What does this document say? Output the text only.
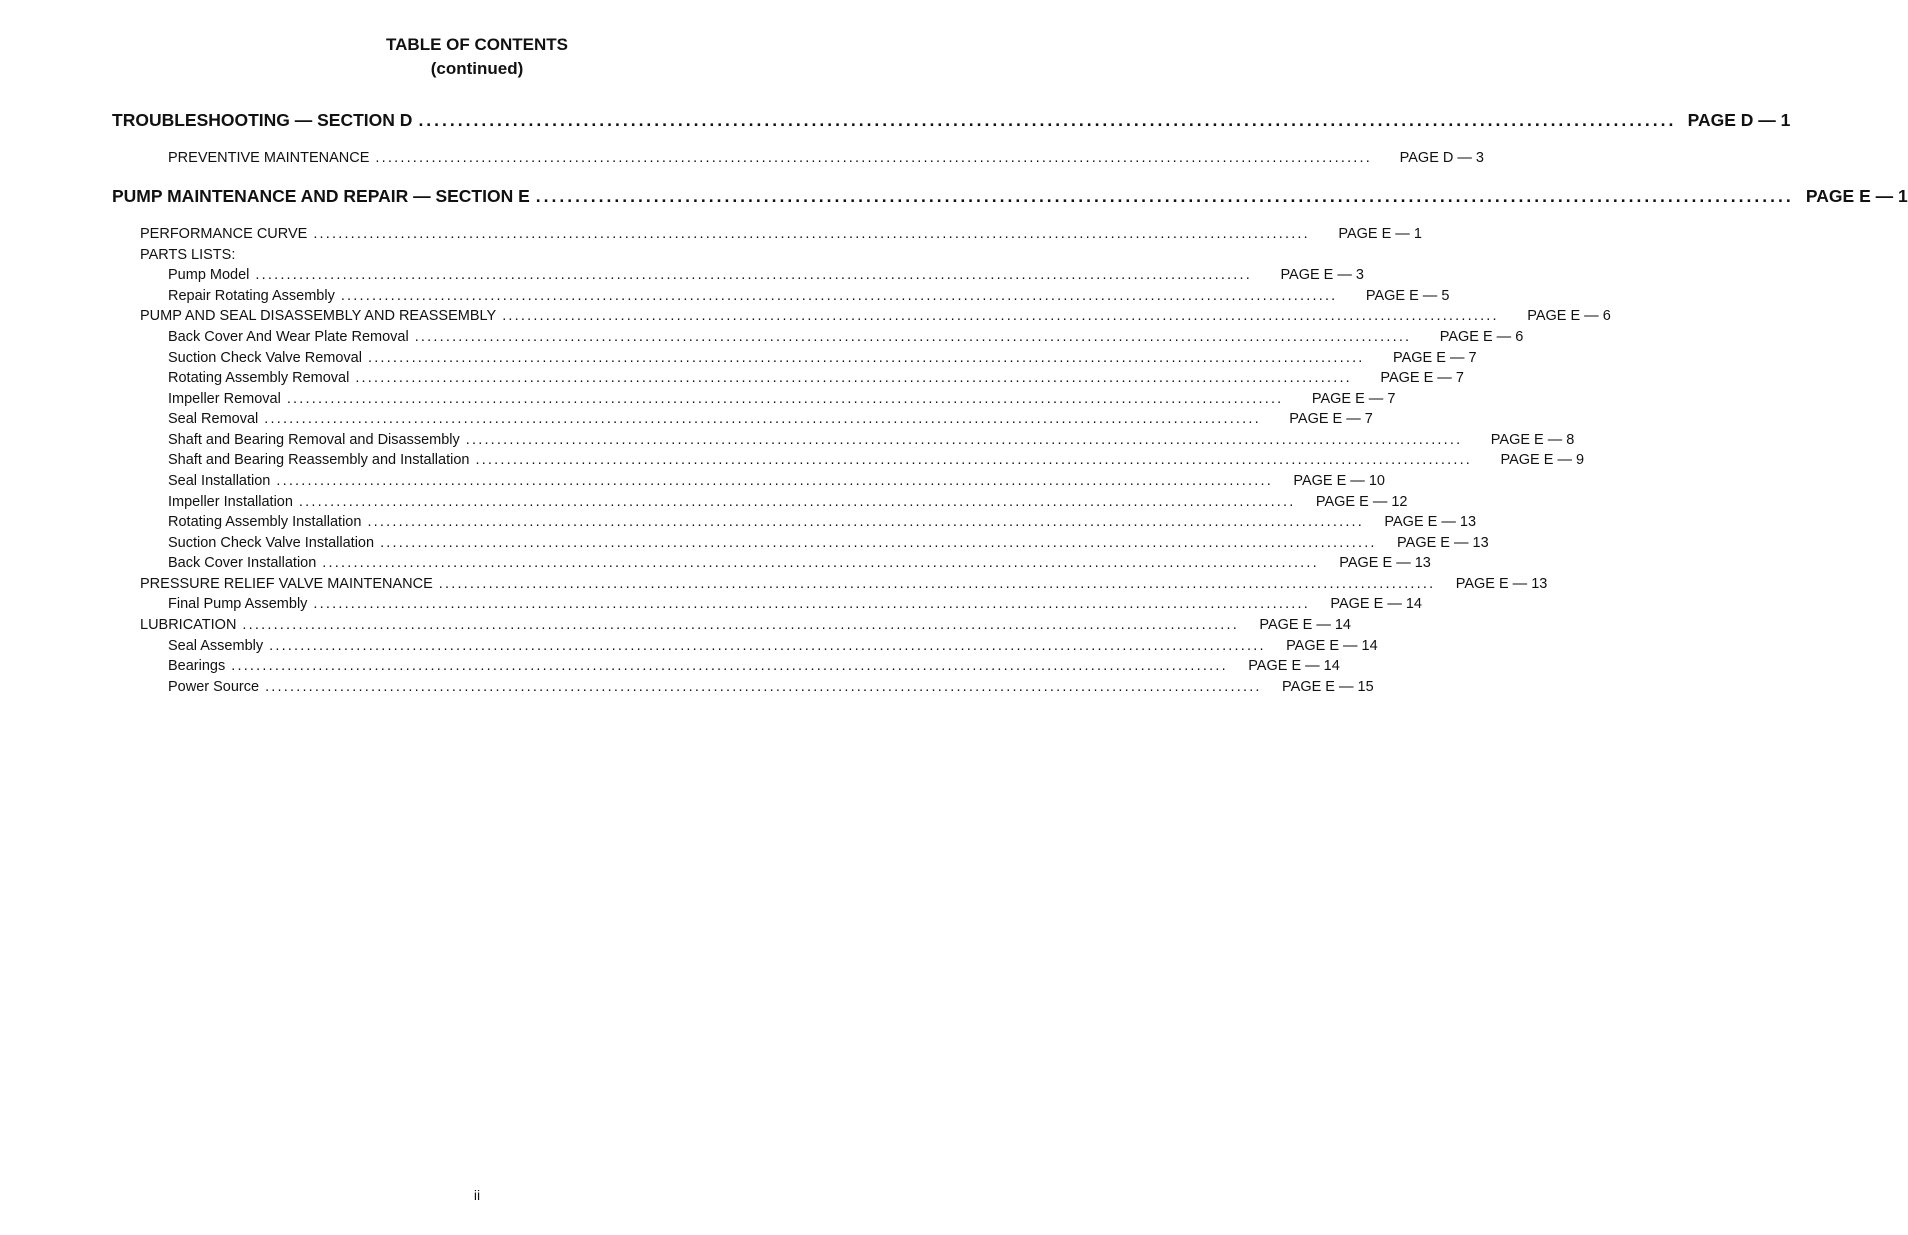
TABLE OF CONTENTS
(continued)
TROUBLESHOOTING — SECTION D ................................................................................................................................................................ PAGE D — 1
PREVENTIVE MAINTENANCE ................................................................................................................................................................	PAGE D — 3
PUMP MAINTENANCE AND REPAIR — SECTION E ................................................................................................................................................................ PAGE E — 1
PERFORMANCE CURVE ................................................................................................................................................................	PAGE E — 1
PARTS LISTS:
Pump Model ................................................................................................................................................................	PAGE E — 3
Repair Rotating Assembly ................................................................................................................................................................	PAGE E — 5
PUMP AND SEAL DISASSEMBLY AND REASSEMBLY ................................................................................................................................................................	PAGE E — 6
Back Cover And Wear Plate Removal ................................................................................................................................................................	PAGE E — 6
Suction Check Valve Removal ................................................................................................................................................................	PAGE E — 7
Rotating Assembly Removal ................................................................................................................................................................	PAGE E — 7
Impeller Removal ................................................................................................................................................................	PAGE E — 7
Seal Removal ................................................................................................................................................................	PAGE E — 7
Shaft and Bearing Removal and Disassembly ................................................................................................................................................................	PAGE E — 8
Shaft and Bearing Reassembly and Installation ................................................................................................................................................................	PAGE E — 9
Seal Installation ................................................................................................................................................................	PAGE E — 10
Impeller Installation ................................................................................................................................................................	PAGE E — 12
Rotating Assembly Installation ................................................................................................................................................................	PAGE E — 13
Suction Check Valve Installation ................................................................................................................................................................	PAGE E — 13
Back Cover Installation ................................................................................................................................................................	PAGE E — 13
PRESSURE RELIEF VALVE MAINTENANCE ................................................................................................................................................................	PAGE E — 13
Final Pump Assembly ................................................................................................................................................................	PAGE E — 14
LUBRICATION ................................................................................................................................................................	PAGE E — 14
Seal Assembly ................................................................................................................................................................	PAGE E — 14
Bearings ................................................................................................................................................................	PAGE E — 14
Power Source ................................................................................................................................................................	PAGE E — 15
ii
